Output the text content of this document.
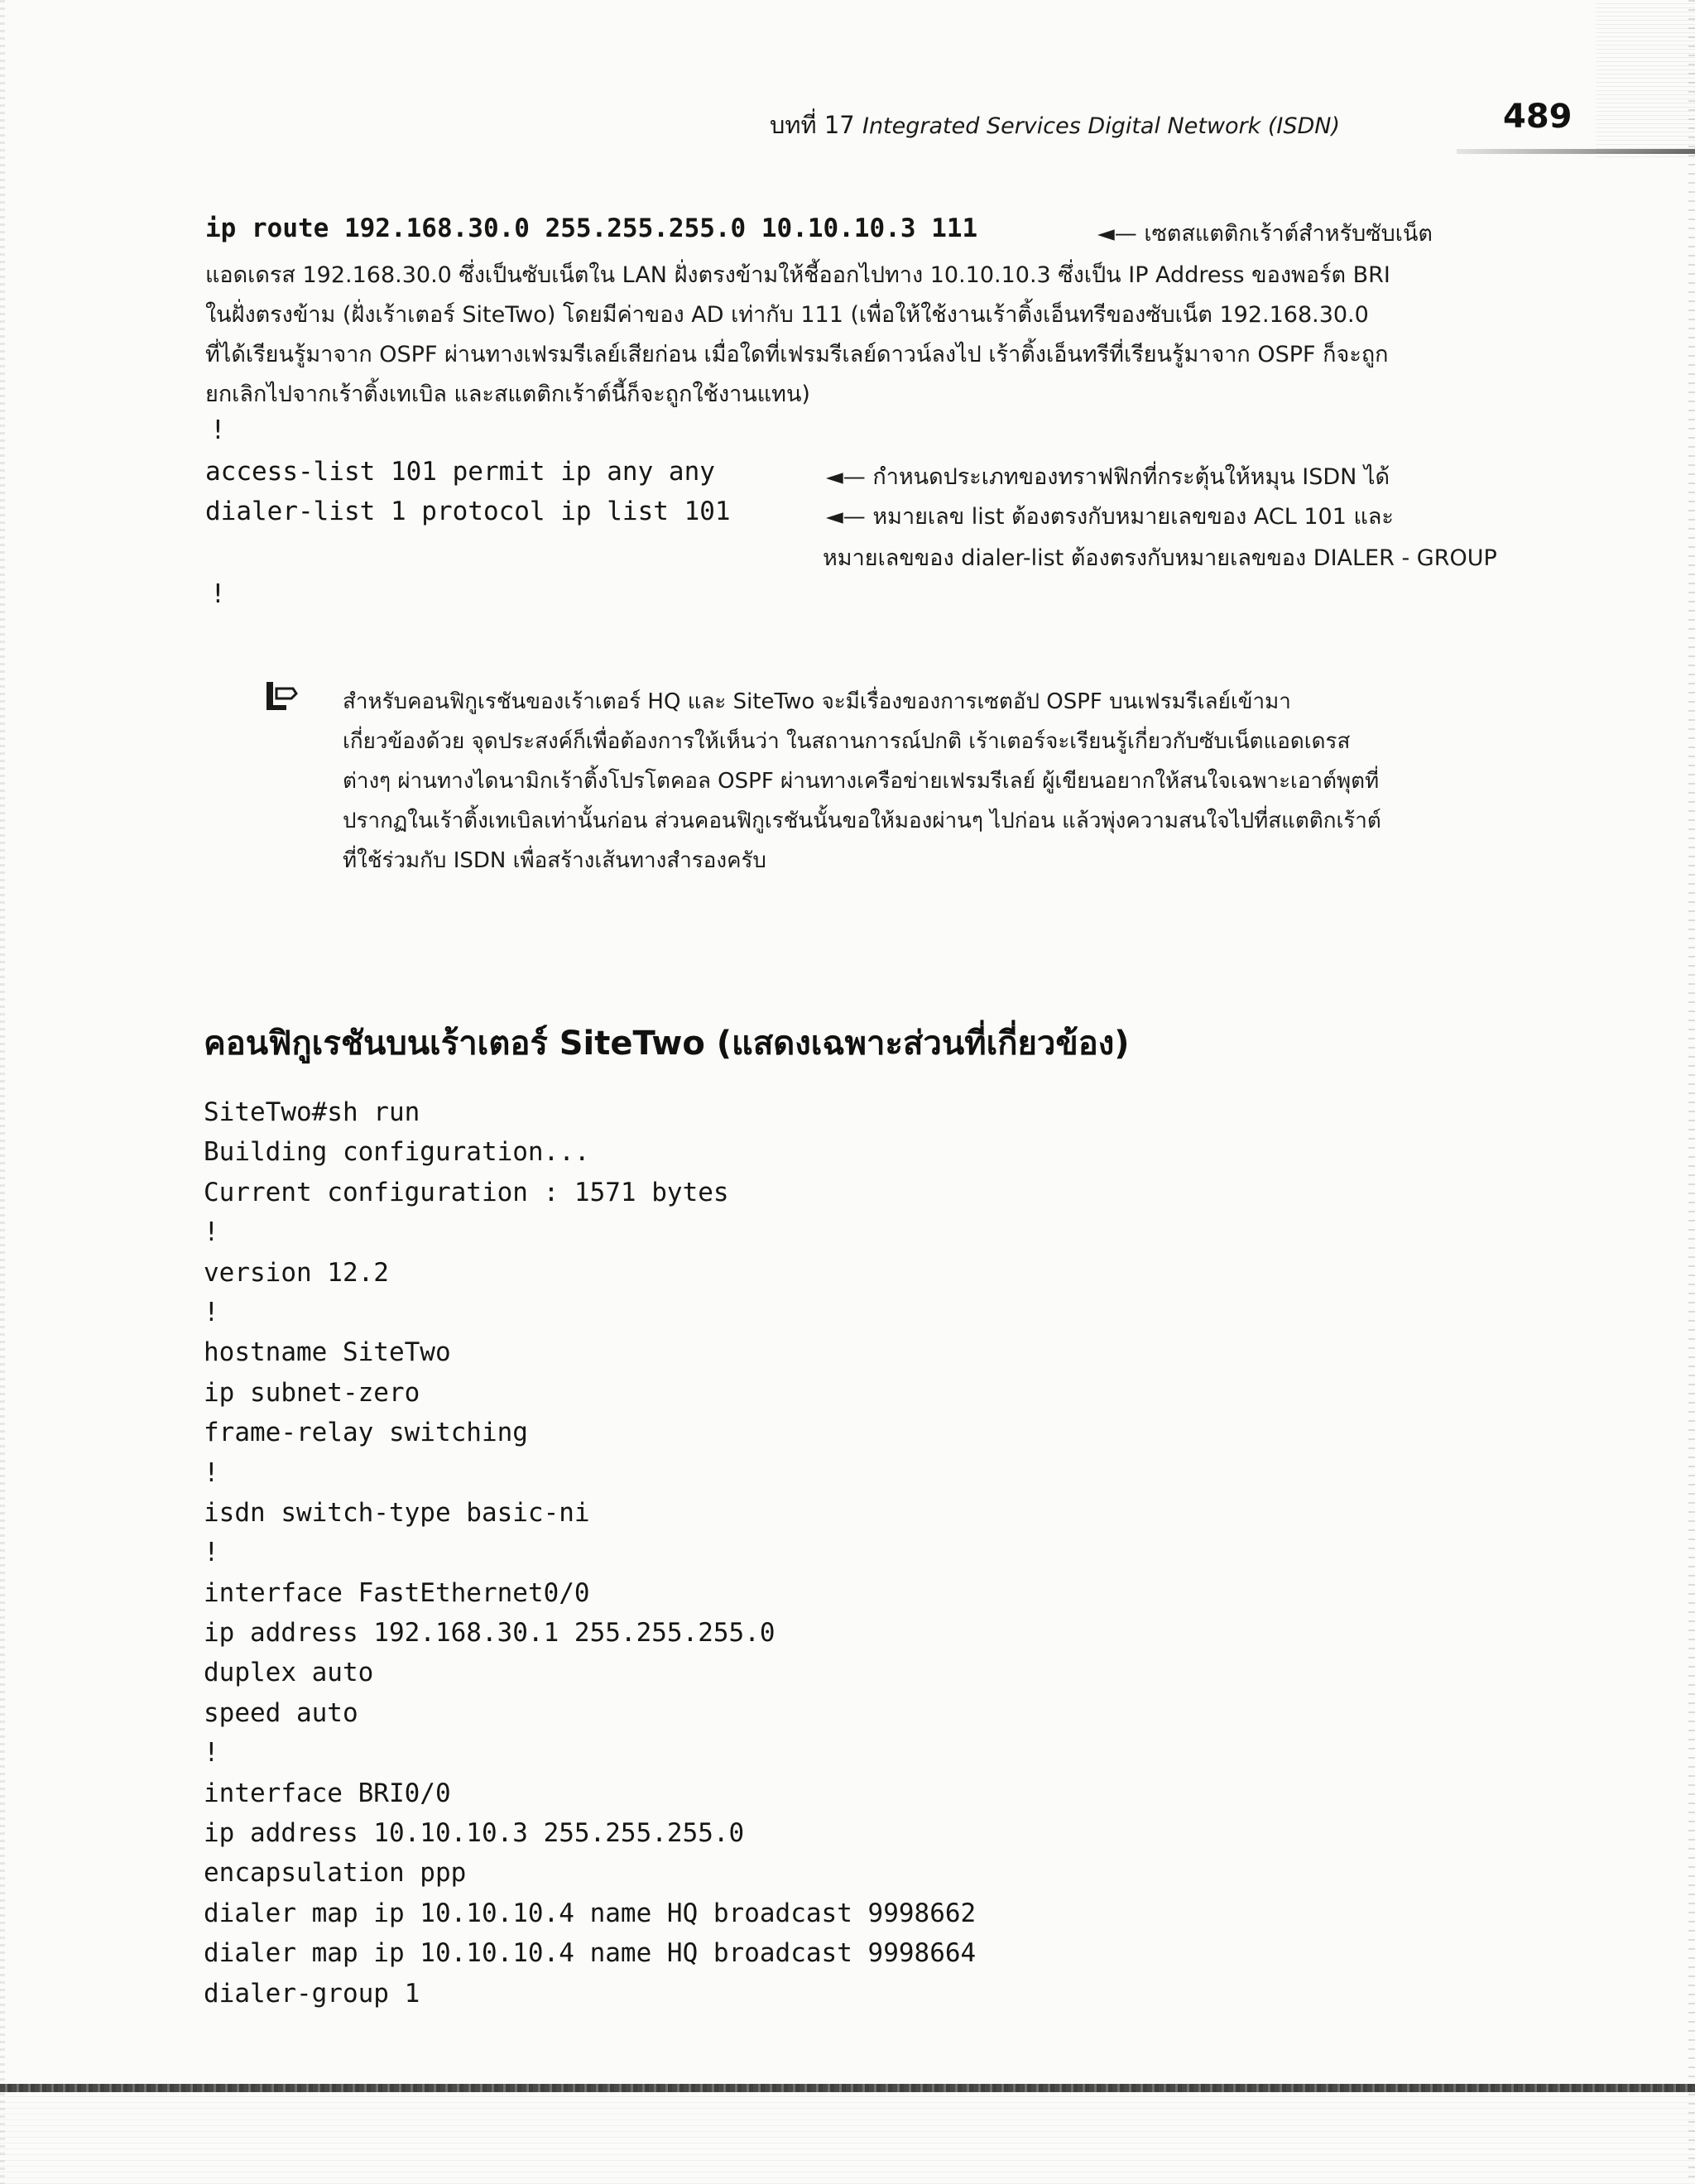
บทที่ 17 Integrated Services Digital Network (ISDN)	489
ip route 192.168.30.0 255.255.255.0 10.10.10.3 111	◄— เซตสแตติกเร้าต์สำหรับซับเน็ต
แอดเดรส 192.168.30.0 ซึ่งเป็นซับเน็ตใน LAN ฝั่งตรงข้ามให้ชี้ออกไปทาง 10.10.10.3 ซึ่งเป็น IP Address ของพอร์ต BRI
ในฝั่งตรงข้าม (ฝั่งเร้าเตอร์ SiteTwo) โดยมีค่าของ AD เท่ากับ 111 (เพื่อให้ใช้งานเร้าติ้งเอ็นทรีของซับเน็ต 192.168.30.0
ที่ได้เรียนรู้มาจาก OSPF ผ่านทางเฟรมรีเลย์เสียก่อน เมื่อใดที่เฟรมรีเลย์ดาวน์ลงไป เร้าติ้งเอ็นทรีที่เรียนรู้มาจาก OSPF ก็จะถูก
ยกเลิกไปจากเร้าติ้งเทเบิล และสแตติกเร้าต์นี้ก็จะถูกใช้งานแทน)
!
access-list 101 permit ip any any	◄— กำหนดประเภทของทราฟฟิกที่กระตุ้นให้หมุน ISDN ได้
dialer-list 1 protocol ip list 101	◄— หมายเลข list ต้องตรงกับหมายเลขของ ACL 101 และ
หมายเลขของ dialer-list ต้องตรงกับหมายเลขของ DIALER - GROUP
!
สำหรับคอนฟิกูเรชันของเร้าเตอร์ HQ และ SiteTwo จะมีเรื่องของการเซตอัป OSPF บนเฟรมรีเลย์เข้ามา
เกี่ยวข้องด้วย จุดประสงค์ก็เพื่อต้องการให้เห็นว่า ในสถานการณ์ปกติ เร้าเตอร์จะเรียนรู้เกี่ยวกับซับเน็ตแอดเดรส
ต่างๆ ผ่านทางไดนามิกเร้าติ้งโปรโตคอล OSPF ผ่านทางเครือข่ายเฟรมรีเลย์ ผู้เขียนอยากให้สนใจเฉพาะเอาต์พุตที่
ปรากฏในเร้าติ้งเทเบิลเท่านั้นก่อน ส่วนคอนฟิกูเรชันนั้นขอให้มองผ่านๆ ไปก่อน แล้วพุ่งความสนใจไปที่สแตติกเร้าต์
ที่ใช้ร่วมกับ ISDN เพื่อสร้างเส้นทางสำรองครับ
คอนฟิกูเรชันบนเร้าเตอร์ SiteTwo (แสดงเฉพาะส่วนที่เกี่ยวข้อง)
SiteTwo#sh run
Building configuration...
Current configuration : 1571 bytes
!
version 12.2
!
hostname SiteTwo
ip subnet-zero
frame-relay switching
!
isdn switch-type basic-ni
!
interface FastEthernet0/0
ip address 192.168.30.1 255.255.255.0
duplex auto
speed auto
!
interface BRI0/0
ip address 10.10.10.3 255.255.255.0
encapsulation ppp
dialer map ip 10.10.10.4 name HQ broadcast 9998662
dialer map ip 10.10.10.4 name HQ broadcast 9998664
dialer-group 1
